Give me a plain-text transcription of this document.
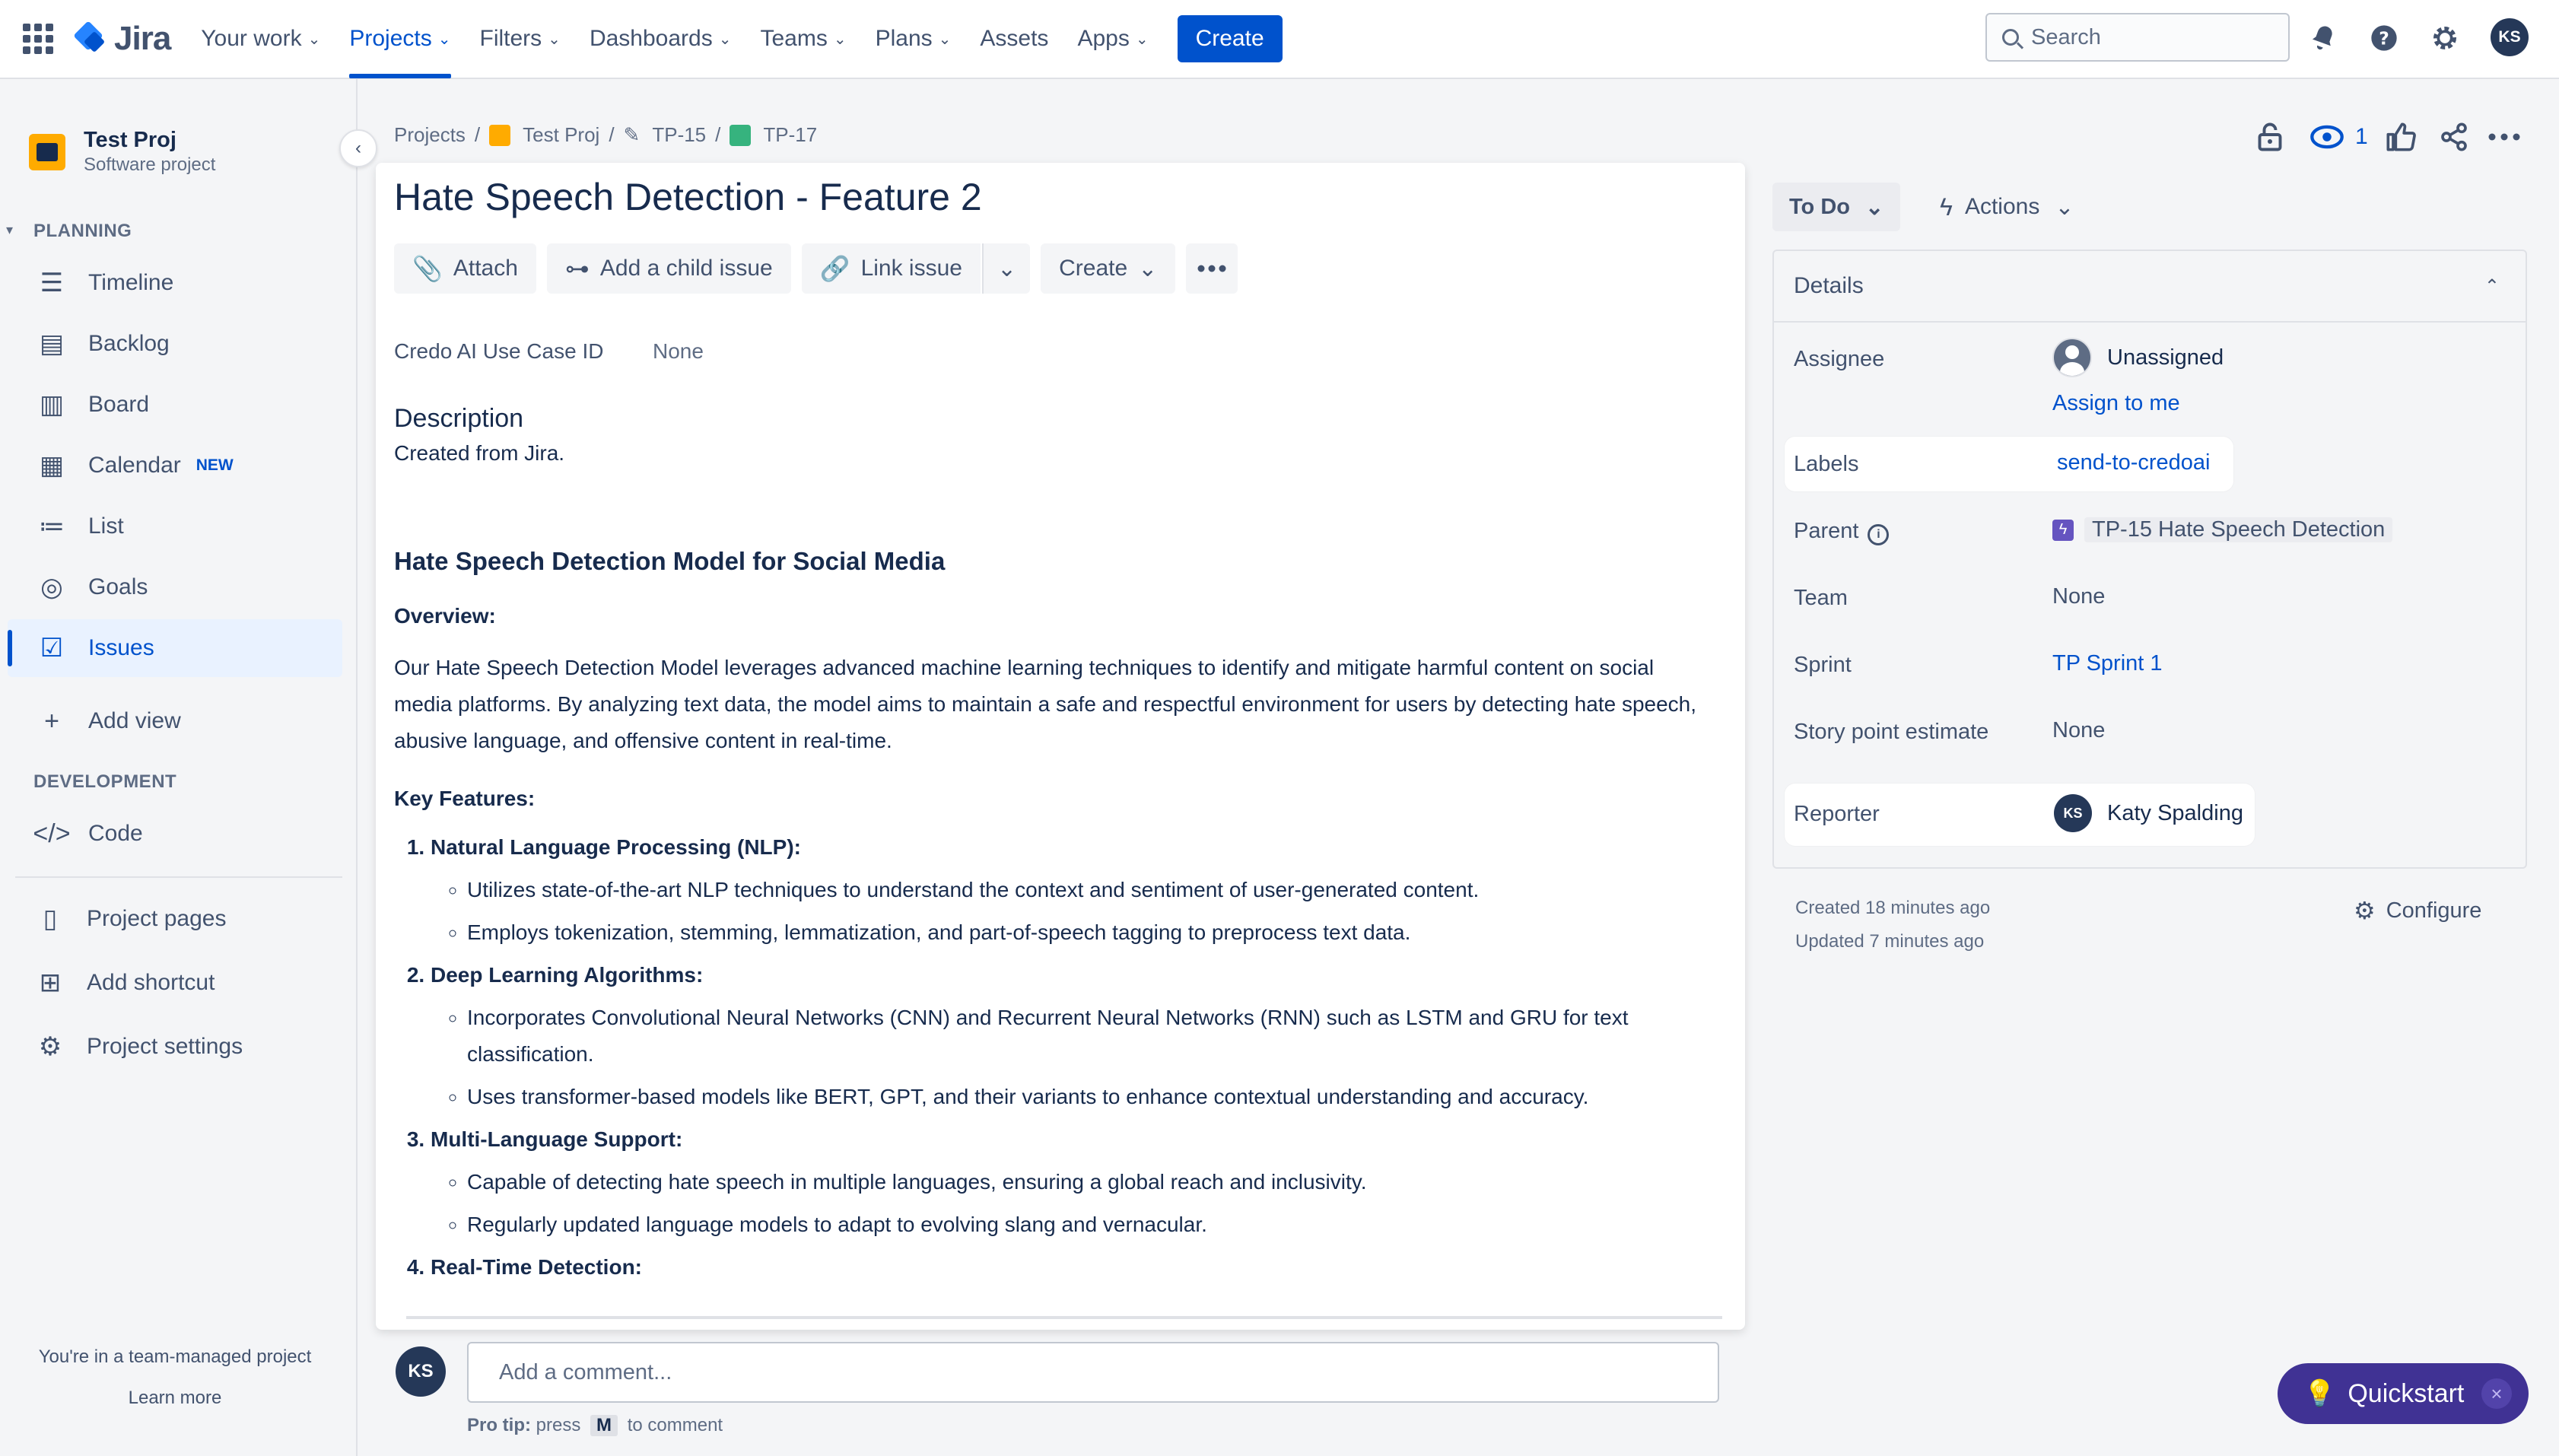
Jira Your work ⌄ Projects ⌄ Filters ⌄ Dashboards ⌄ Teams ⌄ Plans ⌄ Assets Apps ⌄	Create	Search	?	KS
Test Proj
Software project
‹
▾ PLANNING
☰ Timeline
▤ Backlog
▥ Board
▦ Calendar NEW
≔ List
◎ Goals
☑ Issues
+	Add view
DEVELOPMENT
</> Code
▯	Project pages
⊞ Add shortcut
⚙ Project settings
You're in a team-managed project
Learn more
Projects / Test Proj / ✎ TP-15 / TP-17	1
Hate Speech Detection - Feature 2
📎 Attach ⊶ Add a child issue 🔗 Link issue ⌄ Create ⌄
Credo AI Use Case ID None
Description
Created from Jira.
Hate Speech Detection Model for Social Media
Overview:

Our Hate Speech Detection Model leverages advanced machine learning techniques to identify and mitigate harmful content on social media platforms. By analyzing text data, the model aims to maintain a safe and respectful environment for users by detecting hate speech, abusive language, and offensive content in real-time.

Key Features:
1. Natural Language Processing (NLP):
◦ Utilizes state-of-the-art NLP techniques to understand the context and sentiment of user-generated content.
◦ Employs tokenization, stemming, lemmatization, and part-of-speech tagging to preprocess text data.
2. Deep Learning Algorithms:
◦ Incorporates Convolutional Neural Networks (CNN) and Recurrent Neural Networks (RNN) such as LSTM and GRU for text classification.
◦ Uses transformer-based models like BERT, GPT, and their variants to enhance contextual understanding and accuracy.
3. Multi-Language Support:
◦ Capable of detecting hate speech in multiple languages, ensuring a global reach and inclusivity.
◦ Regularly updated language models to adapt to evolving slang and vernacular.
4. Real-Time Detection:
KS	Add a comment...
Pro tip: press M to comment
To Do ⌄ ϟ Actions ⌄
Details	⌃
Assignee	Unassigned
Assign to me
Labels	send-to-credoai
Parent i	ϟ	TP-15 Hate Speech Detection
Team	None
Sprint	TP Sprint 1
Story point estimate	None
Reporter	KS	Katy Spalding
Created 18 minutes ago
Updated 7 minutes ago
⚙ Configure
💡 Quickstart	×
